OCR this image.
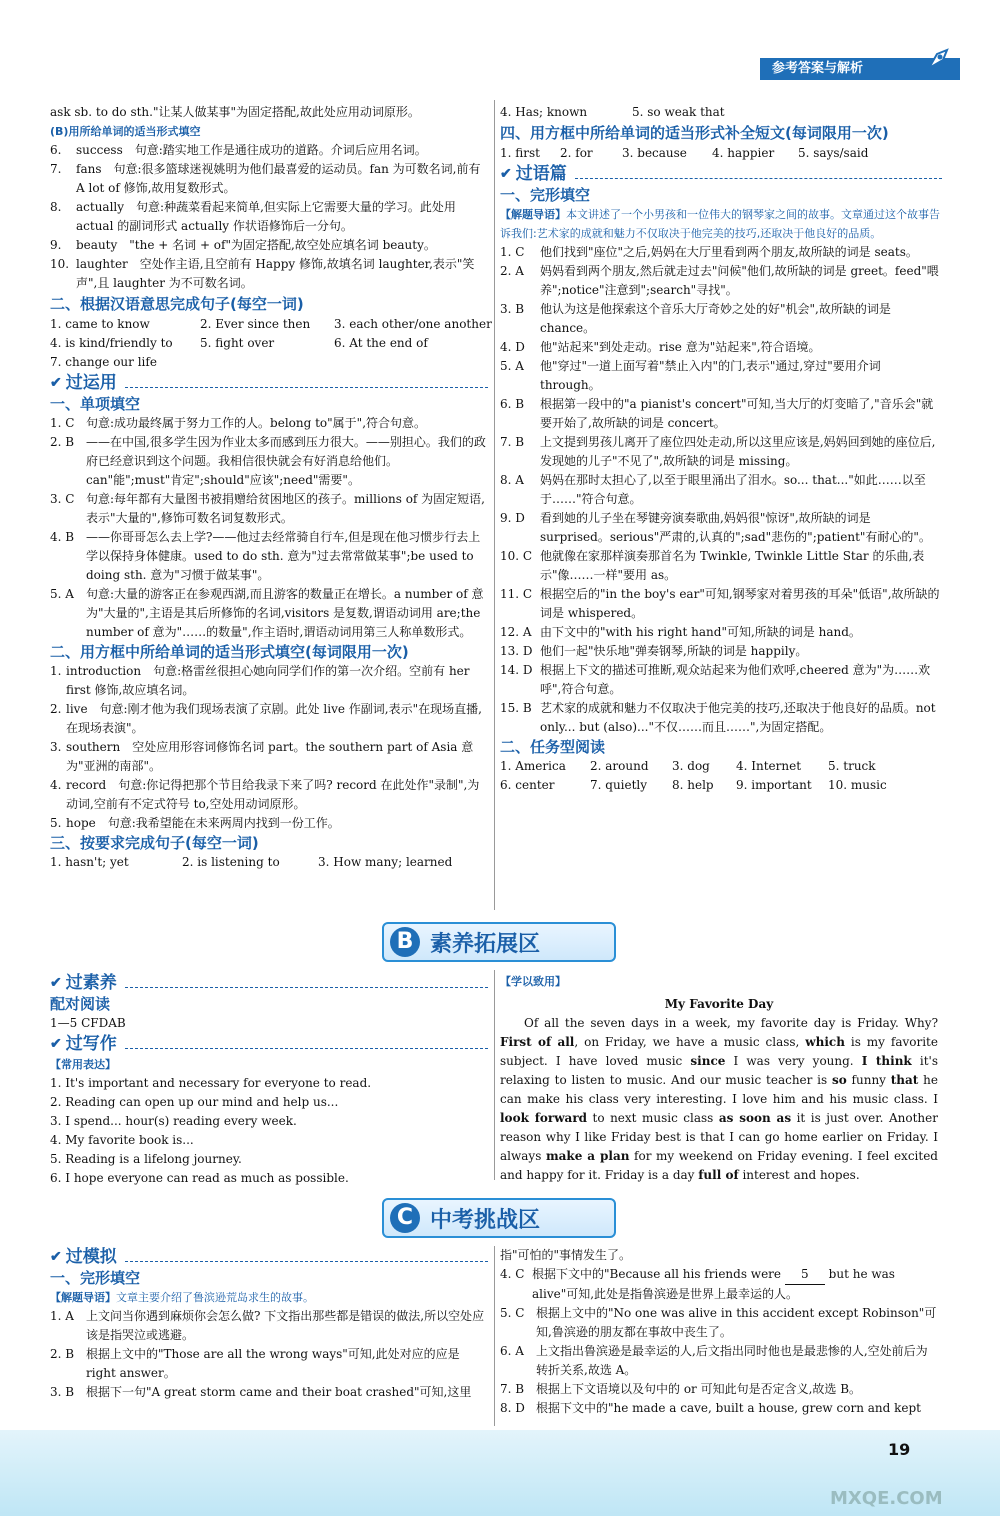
参考答案与解析

ask sb. to do sth."让某人做某事"为固定搭配,故此处应用动词原形。

(B)用所给单词的适当形式填空

6.	success　句意:踏实地工作是通往成功的道路。介词后应用名词。
7.	fans　句意:很多篮球迷视姚明为他们最喜爱的运动员。fan 为可数名词,前有 A lot of 修饰,故用复数形式。
8.	actually　句意:种蔬菜看起来简单,但实际上它需要大量的学习。此处用 actual 的副词形式 actually 作状语修饰后一分句。
9.	beauty　"the + 名词 + of"为固定搭配,故空处应填名词 beauty。
10. laughter　空处作主语,且空前有 Happy 修饰,故填名词 laughter,表示"笑声",且 laughter 为不可数名词。

二、根据汉语意思完成句子(每空一词)

1. came to know	2. Ever since then	3. each other/one another
4. is kind/friendly to	5. fight over	6. At the end of
7. change our life
✔ 过运用

一、单项填空

1. C 句意:成功最终属于努力工作的人。belong to"属于",符合句意。
2. B ——在中国,很多学生因为作业太多而感到压力很大。——别担心。我们的政府已经意识到这个问题。我相信很快就会有好消息给他们。can"能";must"肯定";should"应该";need"需要"。
3. C 句意:每年都有大量图书被捐赠给贫困地区的孩子。millions of 为固定短语,表示"大量的",修饰可数名词复数形式。
4. B ——你哥哥怎么去上学?——他过去经常骑自行车,但是现在他习惯步行去上学以保持身体健康。used to do sth. 意为"过去常常做某事";be used to doing sth. 意为"习惯于做某事"。
5. A	句意:大量的游客正在参观西湖,而且游客的数量正在增长。a number of 意为"大量的",主语是其后所修饰的名词,visitors 是复数,谓语动词用 are;the number of 意为"……的数量",作主语时,谓语动词用第三人称单数形式。

二、用方框中所给单词的适当形式填空(每词限用一次)

1. introduction　句意:格雷丝很担心她向同学们作的第一次介绍。空前有 her first 修饰,故应填名词。
2. live　句意:刚才他为我们现场表演了京剧。此处 live 作副词,表示"在现场直播,在现场表演"。
3. southern　空处应用形容词修饰名词 part。the southern part of Asia 意为"亚洲的南部"。
4. record　句意:你记得把那个节目给我录下来了吗? record 在此处作"录制",为动词,空前有不定式符号 to,空处用动词原形。
5. hope　句意:我希望能在未来两周内找到一份工作。

三、按要求完成句子(每空一词)

1. hasn't; yet	2. is listening to	3. How many; learned
4. Has; known	5. so weak that

四、用方框中所给单词的适当形式补全短文(每词限用一次)

1. first	2. for	3. because	4. happier	5. says/said
✔ 过语篇

一、完形填空

【解题导语】本文讲述了一个小男孩和一位伟大的钢琴家之间的故事。文章通过这个故事告诉我们:艺术家的成就和魅力不仅取决于他完美的技巧,还取决于他良好的品质。

1. C	他们找到"座位"之后,妈妈在大厅里看到两个朋友,故所缺的词是 seats。
2. A	妈妈看到两个朋友,然后就走过去"问候"他们,故所缺的词是 greet。feed"喂养";notice"注意到";search"寻找"。
3. B	他认为这是他探索这个音乐大厅奇妙之处的好"机会",故所缺的词是 chance。
4. D	他"站起来"到处走动。rise 意为"站起来",符合语境。
5. A	他"穿过"一道上面写着"禁止入内"的门,表示"通过,穿过"要用介词 through。
6. B	根据第一段中的"a pianist's concert"可知,当大厅的灯变暗了,"音乐会"就要开始了,故所缺的词是 concert。
7. B	上文提到男孩儿离开了座位四处走动,所以这里应该是,妈妈回到她的座位后,发现她的儿子"不见了",故所缺的词是 missing。
8. A	妈妈在那时太担心了,以至于眼里涌出了泪水。so... that..."如此……以至于……"符合句意。
9. D	看到她的儿子坐在琴键旁演奏歌曲,妈妈很"惊讶",故所缺的词是 surprised。serious"严肃的,认真的";sad"悲伤的";patient"有耐心的"。
10. C 他就像在家那样演奏那首名为 Twinkle, Twinkle Little Star 的乐曲,表示"像……一样"要用 as。
11. C 根据空后的"in the boy's ear"可知,钢琴家对着男孩的耳朵"低语",故所缺的词是 whispered。
12. A 由下文中的"with his right hand"可知,所缺的词是 hand。
13. D 他们一起"快乐地"弹奏钢琴,所缺的词是 happily。
14. D 根据上下文的描述可推断,观众站起来为他们欢呼,cheered 意为"为……欢呼",符合句意。
15. B 艺术家的成就和魅力不仅取决于他完美的技巧,还取决于他良好的品质。not only... but (also)..."不仅……而且……",为固定搭配。

二、任务型阅读

1. America	2. around	3. dog	4. Internet	5. truck
6. center	7. quietly	8. help	9. important	10. music
B 素养拓展区
✔ 过素养

配对阅读

1—5 CFDAB

✔ 过写作

【常用表达】

1. It's important and necessary for everyone to read.

2. Reading can open up our mind and help us...

3. I spend... hour(s) reading every week.

4. My favorite book is...

5. Reading is a lifelong journey.

6. I hope everyone can read as much as possible.

【学以致用】

My Favorite Day

Of all the seven days in a week, my favorite day is Friday. Why? First of all, on Friday, we have a music class, which is my favorite subject. I have loved music since I was very young. I think it's relaxing to listen to music. And our music teacher is so funny that he can make his class very interesting. I love him and his music class. I look forward to next music class as soon as it is just over. Another reason why I like Friday best is that I can go home earlier on Friday. I always make a plan for my weekend on Friday evening. I feel excited and happy for it. Friday is a day full of interest and hopes.

C 中考挑战区
✔ 过模拟

一、完形填空

【解题导语】文章主要介绍了鲁滨逊荒岛求生的故事。

1. A	上文问当你遇到麻烦你会怎么做? 下文指出那些都是错误的做法,所以空处应该是指哭泣或逃避。
2. B 根据上文中的"Those are all the wrong ways"可知,此处对应的应是 right answer。
3. B 根据下一句"A great storm came and their boat crashed"可知,这里

指"可怕的"事情发生了。

4. C 根据下文中的"Because all his friends were 5 but he was alive"可知,此处是指鲁滨逊是世界上最幸运的人。
5. C 根据上文中的"No one was alive in this accident except Robinson"可知,鲁滨逊的朋友都在事故中丧生了。
6. A	上文指出鲁滨逊是最幸运的人,后文指出同时他也是最悲惨的人,空处前后为转折关系,故选 A。
7. B 根据上下文语境以及句中的 or 可知此句是否定含义,故选 B。
8. D 根据下文中的"he made a cave, built a house, grew corn and kept
19
MXQE.COM
